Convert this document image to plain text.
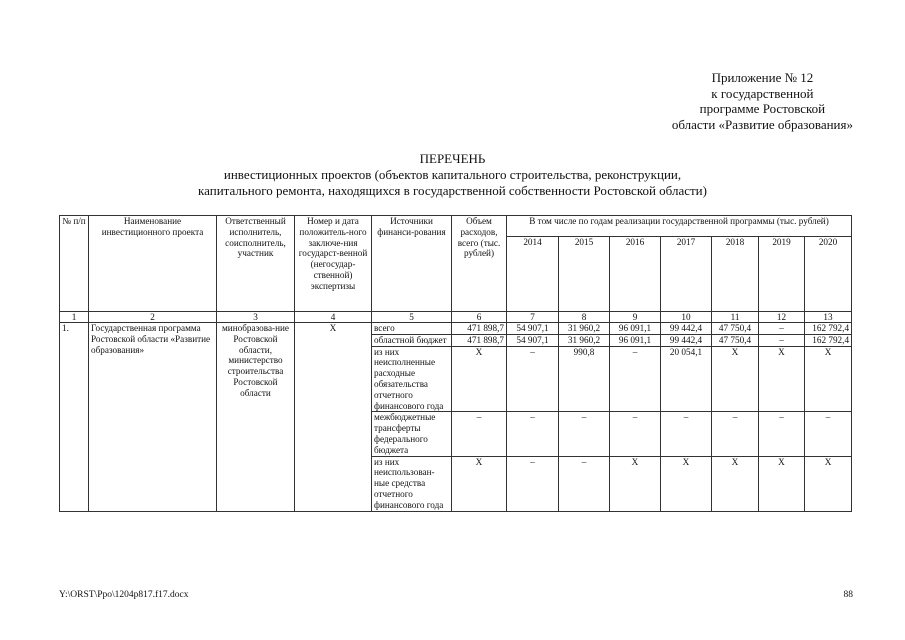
Приложение № 12
к государственной
программе Ростовской
области «Развитие образования»
ПЕРЕЧЕНЬ
инвестиционных проектов (объектов капитального строительства, реконструкции,
капитального ремонта, находящихся в государственной собственности Ростовской области)
№ п/п	Наименование инвестиционного проекта	Ответственный исполнитель, соисполнитель, участник	Номер и дата положитель-ного заключе-ния государст-венной (негосудар-ственной) экспертизы	Источники финанси-рования	Объем расходов, всего (тыс. рублей)	В том числе по годам реализации государственной программы (тыс. рублей)						
						2014	2015	2016	2017	2018	2019	2020
1	2	3	4	5	6	7	8	9	10	11	12	13
1.	Государственная программа Ростовской области «Развитие образования»	минобразова-ние Ростовской области, министерство строительства Ростовской области	X	всего	471 898,7	54 907,1	31 960,2	96 091,1	99 442,4	47 750,4	–	162 792,4
				областной бюджет	471 898,7	54 907,1	31 960,2	96 091,1	99 442,4	47 750,4	–	162 792,4
				из них неисполненные расходные обязательства отчетного финансового года	X	–	990,8	–	20 054,1	X	X	X
				межбюджетные трансферты федерального бюджета	–	–	–	–	–	–	–	–
				из них неиспользован-ные средства отчетного финансового года	X	–	–	X	X	X	X	X
Y:\ORST\Ppo\1204p817.f17.docx	88
